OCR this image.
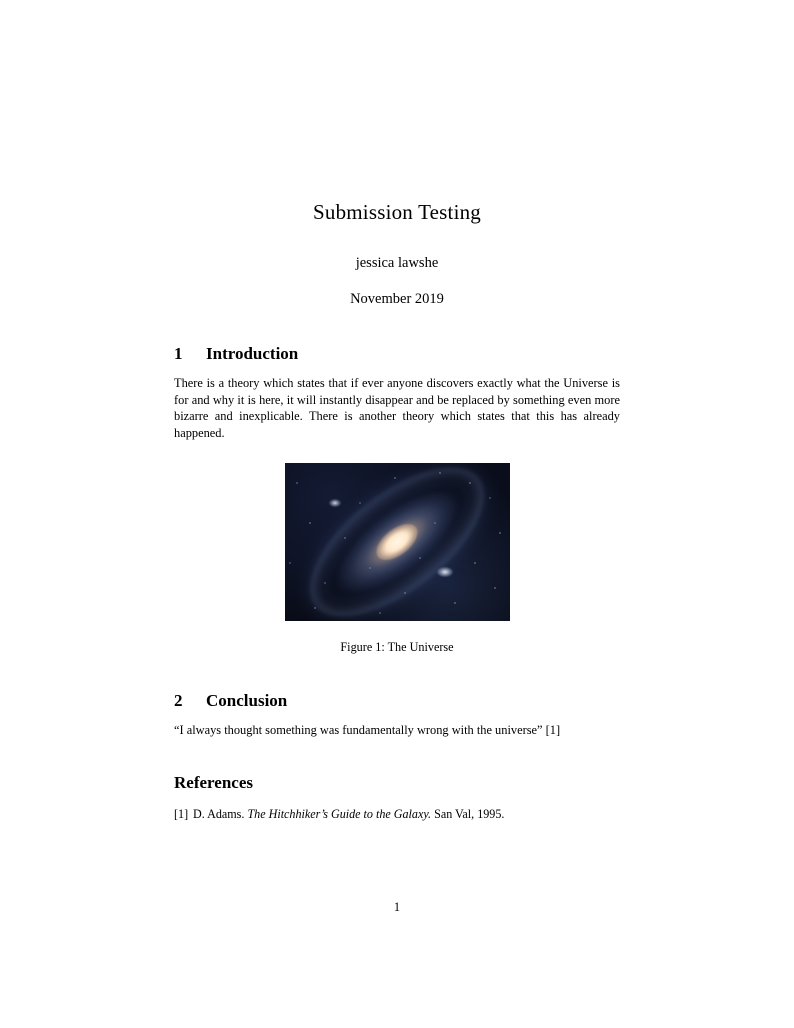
Submission Testing
jessica lawshe
November 2019
1	Introduction
There is a theory which states that if ever anyone discovers exactly what the Universe is for and why it is here, it will instantly disappear and be replaced by something even more bizarre and inexplicable. There is another theory which states that this has already happened.
Figure 1: The Universe
2	Conclusion
“I always thought something was fundamentally wrong with the universe” [1]
References
[1] D. Adams. The Hitchhiker’s Guide to the Galaxy. San Val, 1995.
1
